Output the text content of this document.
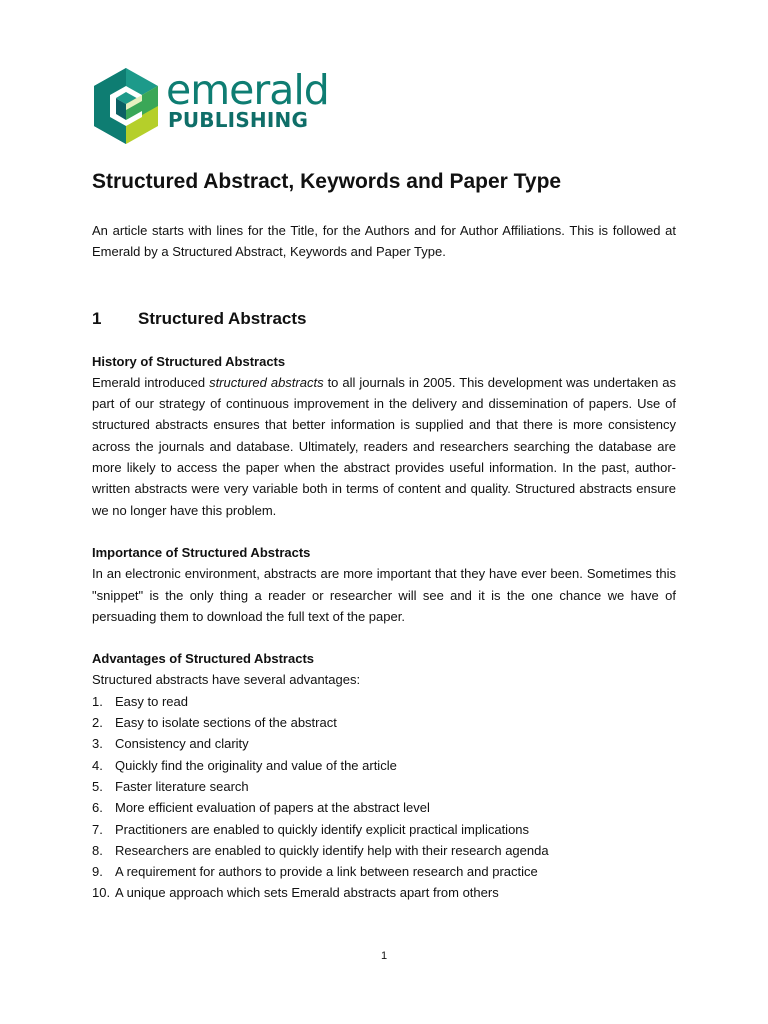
emerald
PUBLISHING
Structured Abstract, Keywords and Paper Type

An article starts with lines for the Title, for the Authors and for Author Affiliations. This is followed at Emerald by a Structured Abstract, Keywords and Paper Type.

1 Structured Abstracts
History of Structured Abstracts

Emerald introduced structured abstracts to all journals in 2005. This development was undertaken as part of our strategy of continuous improvement in the delivery and dissemination of papers. Use of structured abstracts ensures that better information is supplied and that there is more consistency across the journals and database. Ultimately, readers and researchers searching the database are more likely to access the paper when the abstract provides useful information. In the past, author-written abstracts were very variable both in terms of content and quality. Structured abstracts ensure we no longer have this problem.

Importance of Structured Abstracts

In an electronic environment, abstracts are more important that they have ever been. Sometimes this "snippet" is the only thing a reader or researcher will see and it is the one chance we have of persuading them to download the full text of the paper.

Advantages of Structured Abstracts

Structured abstracts have several advantages:

1. Easy to read
2. Easy to isolate sections of the abstract
3. Consistency and clarity
4. Quickly find the originality and value of the article
5. Faster literature search
6. More efficient evaluation of papers at the abstract level
7. Practitioners are enabled to quickly identify explicit practical implications
8. Researchers are enabled to quickly identify help with their research agenda
9. A requirement for authors to provide a link between research and practice
10. A unique approach which sets Emerald abstracts apart from others
1
